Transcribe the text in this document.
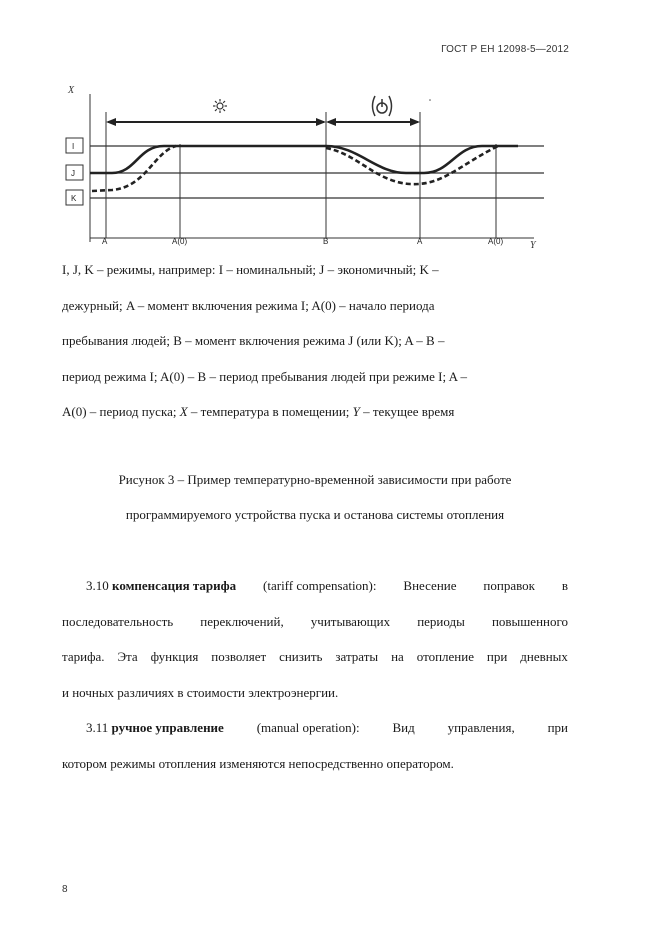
ГОСТ Р ЕН 12098-5—2012
X
Y
I
J
K
A	A(0)	B	A	A(0)

I, J, K – режимы, например: I – номинальный; J – экономичный; K –

дежурный; A – момент включения режима I; A(0) – начало периода

пребывания людей; B – момент включения режима J (или K); A – B –

период режима I; A(0) – B – период пребывания людей при режиме I; A –

A(0) – период пуска; X – температура в помещении; Y – текущее время

Рисунок 3 – Пример температурно-временной зависимости при работе

программируемого устройства пуска и останова системы отопления

3.10 компенсация тарифа (tariff compensation): Внесение поправок в
последовательность переключений, учитывающих периоды повышенного
тарифа. Эта функция позволяет снизить затраты на отопление при дневных
и ночных различиях в стоимости электроэнергии.
3.11 ручное управление	(manual operation):	Вид	управления,	при
котором режимы отопления изменяются непосредственно оператором.
8
